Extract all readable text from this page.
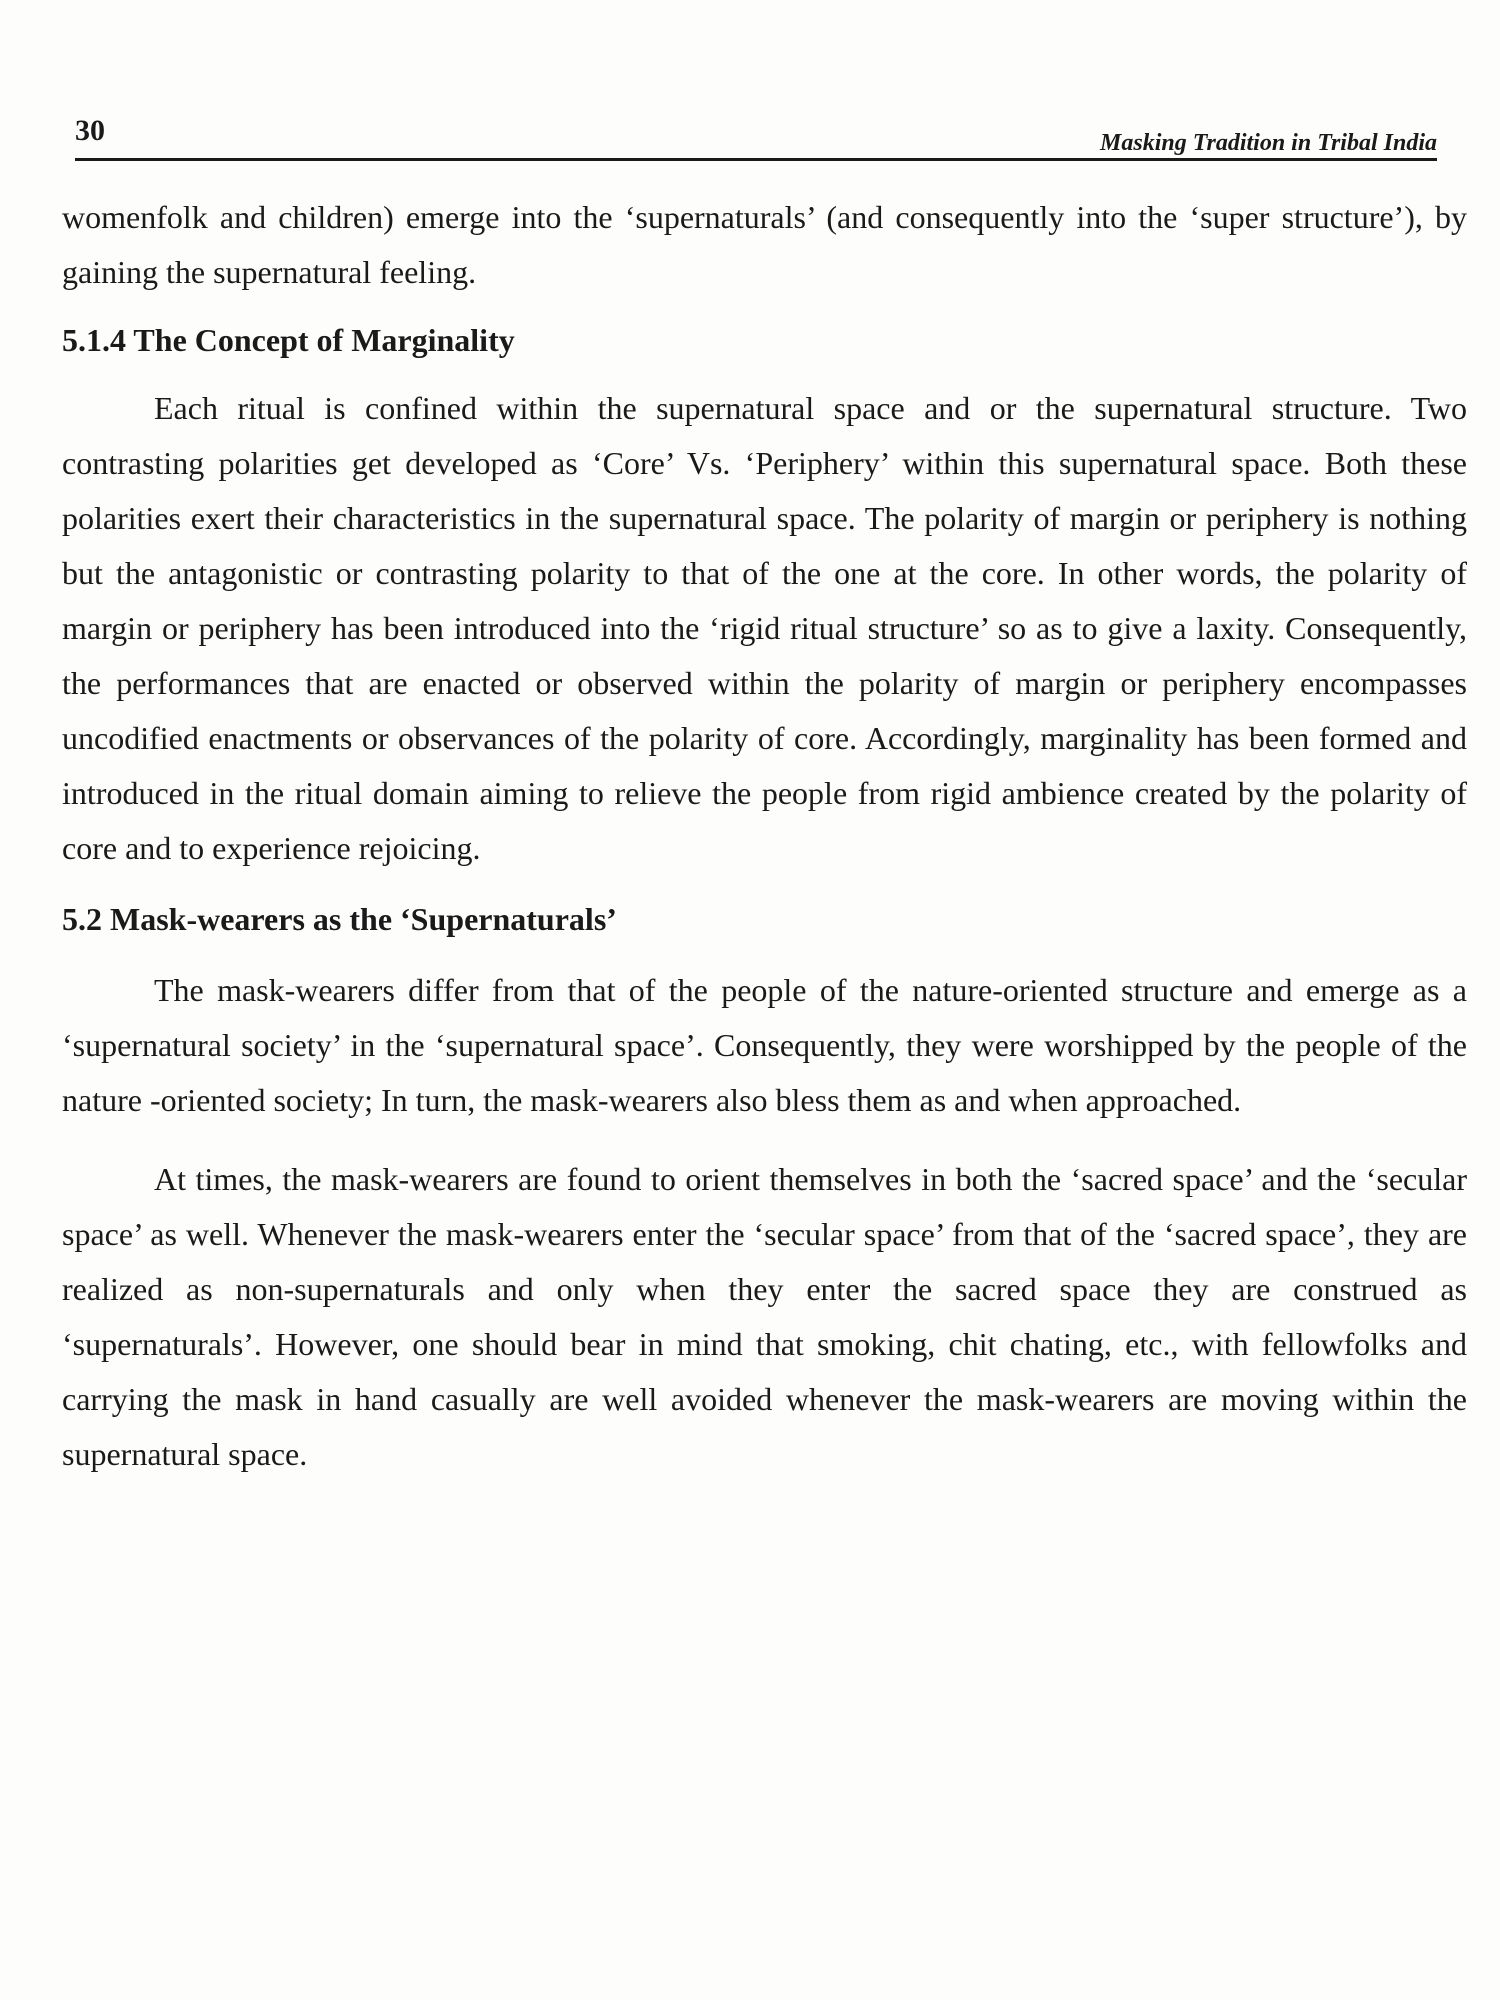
30	Masking Tradition in Tribal India

womenfolk and children) emerge into the ‘supernaturals’ (and consequently into the ‘super structure’), by gaining the supernatural feeling.

5.1.4 The Concept of Marginality

Each ritual is confined within the supernatural space and or the supernatural structure. Two contrasting polarities get developed as ‘Core’ Vs. ‘Periphery’ within this supernatural space. Both these polarities exert their characteristics in the supernatural space. The polarity of margin or periphery is nothing but the antagonistic or contrasting polarity to that of the one at the core. In other words, the polarity of margin or periphery has been introduced into the ‘rigid ritual structure’ so as to give a laxity. Consequently, the performances that are enacted or observed within the polarity of margin or periphery encompasses uncodified enactments or observances of the polarity of core. Accordingly, marginality has been formed and introduced in the ritual domain aiming to relieve the people from rigid ambience created by the polarity of core and to experience rejoicing.

5.2 Mask-wearers as the ‘Supernaturals’

The mask-wearers differ from that of the people of the nature-oriented structure and emerge as a ‘supernatural society’ in the ‘supernatural space’. Consequently, they were worshipped by the people of the nature -oriented society; In turn, the mask-wearers also bless them as and when approached.

At times, the mask-wearers are found to orient themselves in both the ‘sacred space’ and the ‘secular space’ as well. Whenever the mask-wearers enter the ‘secular space’ from that of the ‘sacred space’, they are realized as non-supernaturals and only when they enter the sacred space they are construed as ‘supernaturals’. However, one should bear in mind that smoking, chit chating, etc., with fellowfolks and carrying the mask in hand casually are well avoided whenever the mask-wearers are moving within the supernatural space.
